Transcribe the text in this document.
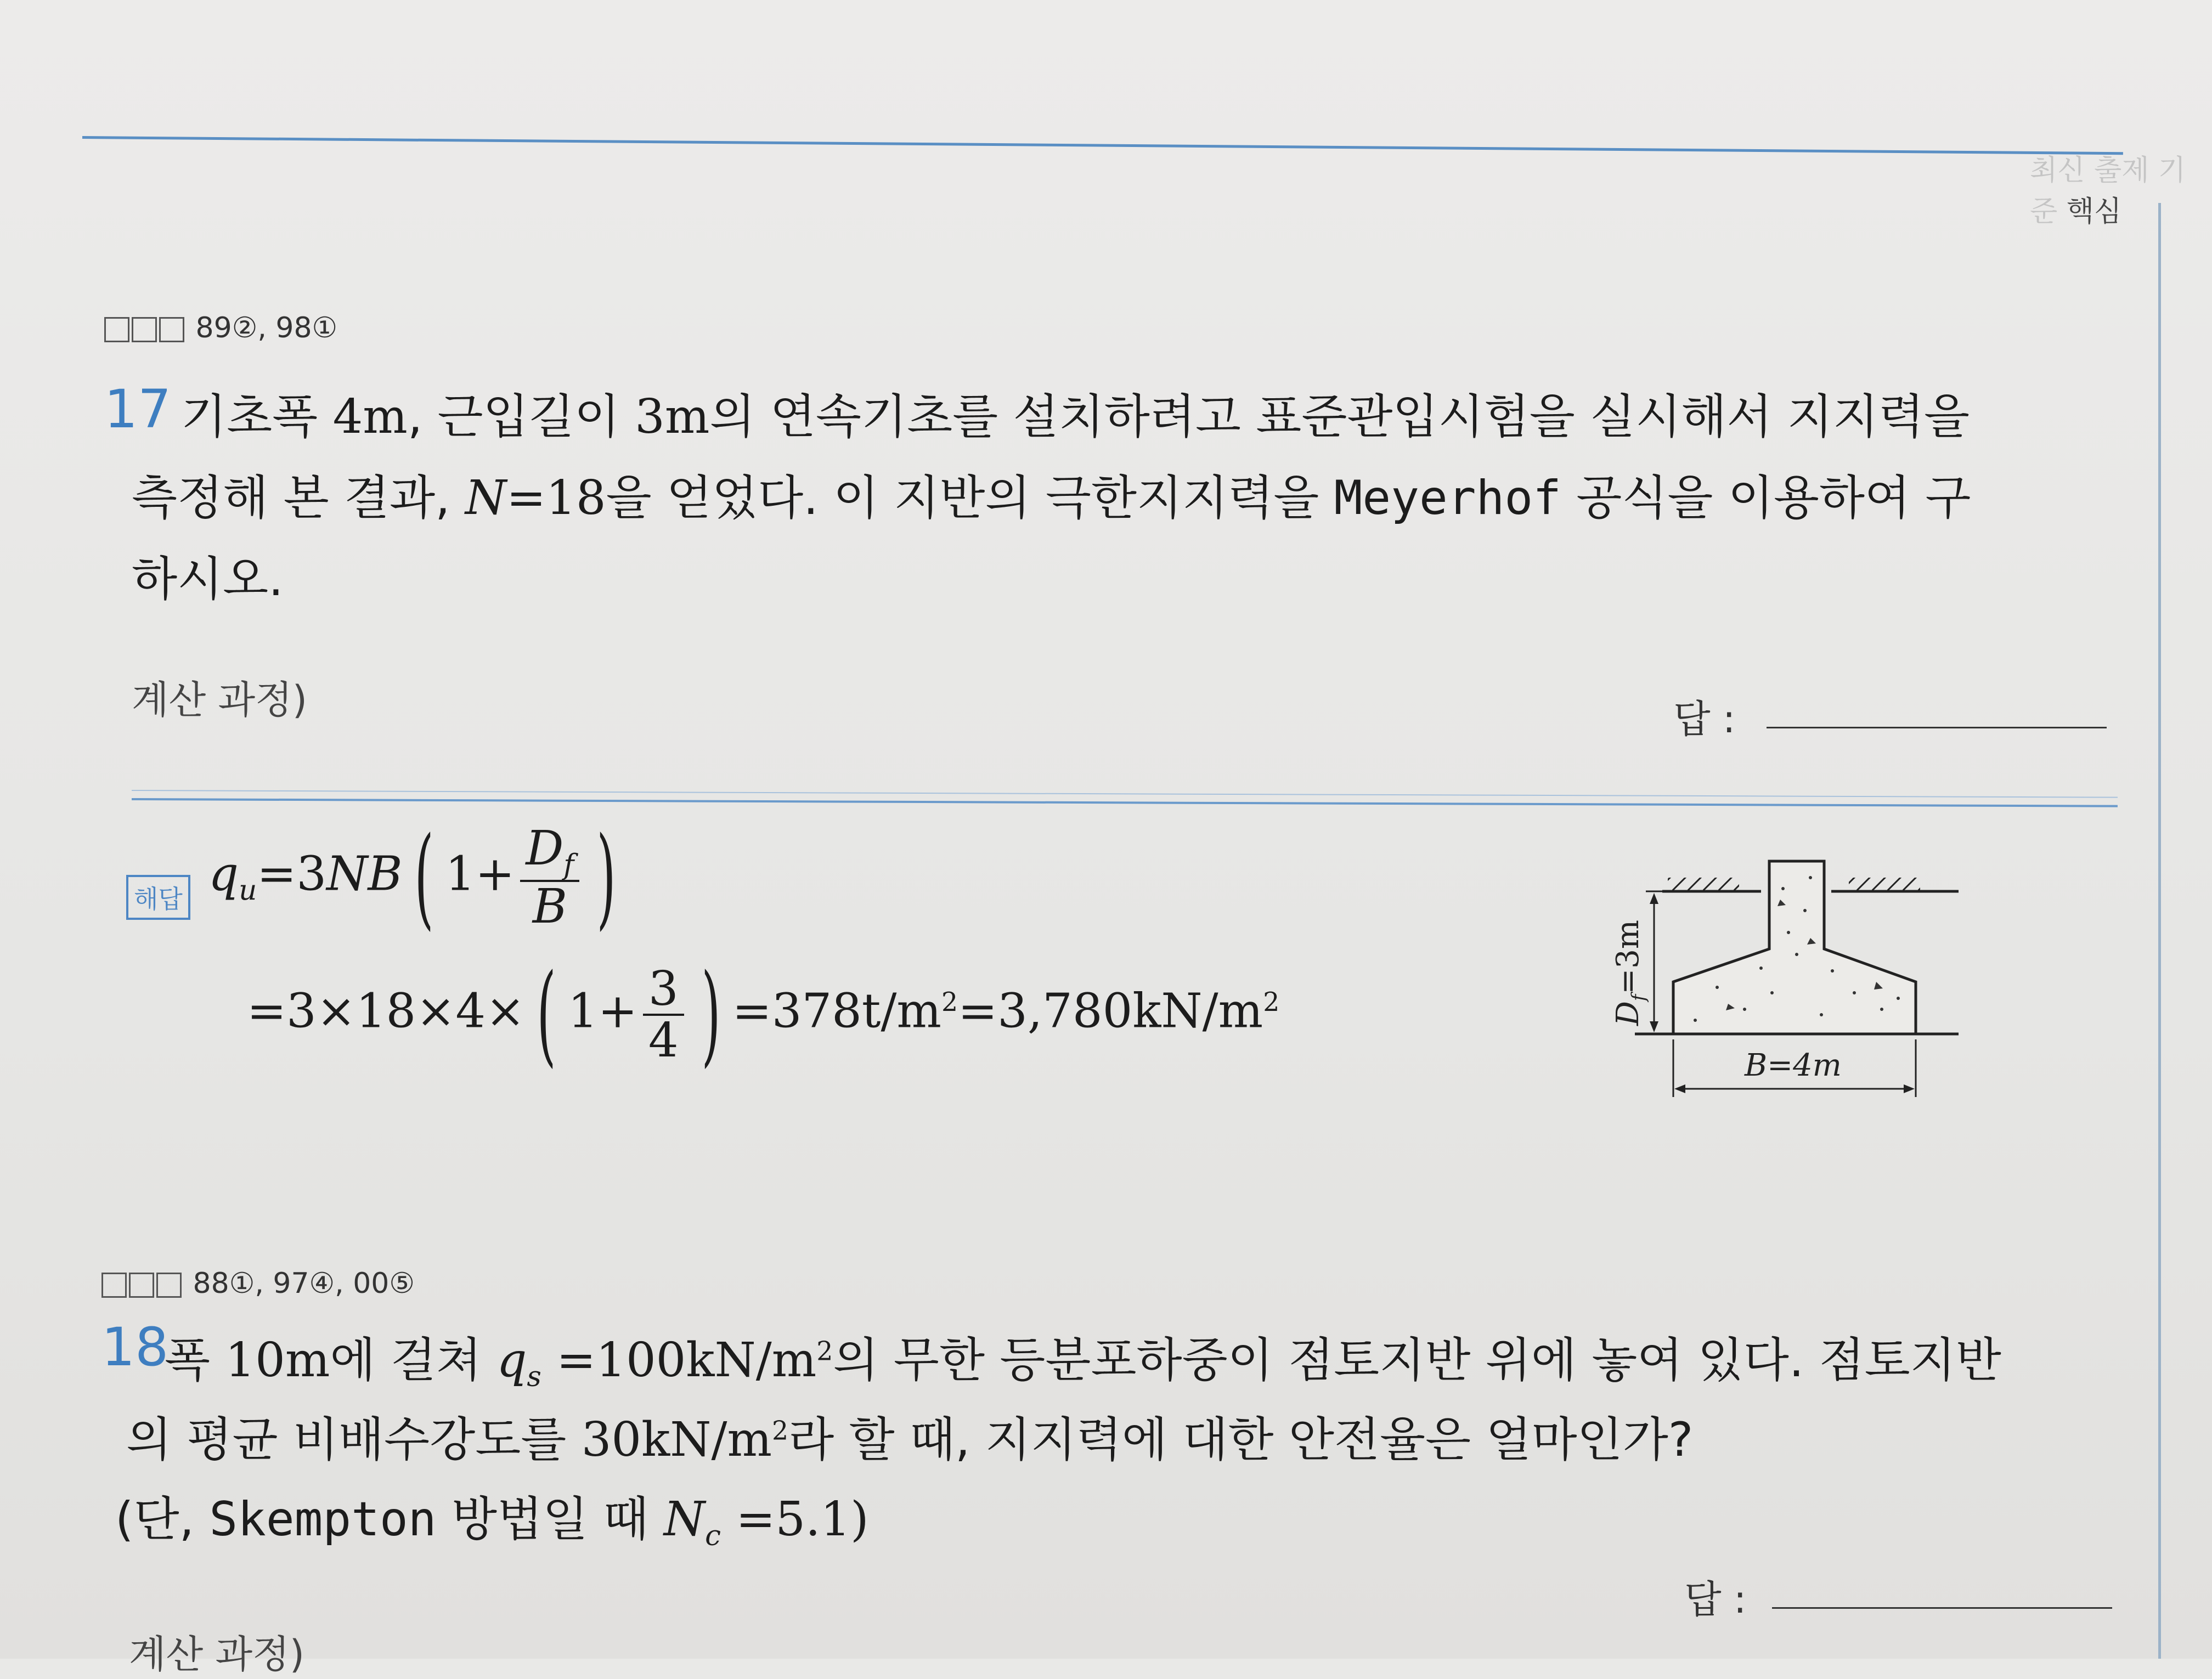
​
최신 출제 기준 핵심
89②, 98①
17 기초폭 4m, 근입길이 3m의 연속기초를 설치하려고 표준관입시험을 실시해서 지지력을
측정해 본 결과, N=18을 얻었다. 이 지반의 극한지지력을 Meyerhof 공식을 이용하여 구
하시오.
계산 과정)	답 :
해답 $q_u=3NB$ ( $1+ \frac{D_f}{B}$ )
=3×18×4× ( $1+ \frac{3}{4}$ ) $=378t/m^2=3,780kN/m^2$	$D_f=3m$
B=4m
88①, 97④, 00⑤
18
폭 10m에 걸쳐 $q_s =100kN/m^2$의 무한 등분포하중이 점토지반 위에 놓여 있다. 점토지반
의 평균 비배수강도를 $30kN/m^2$라 할 때, 지지력에 대한 안전율은 얼마인가?
(단, Skempton 방법일 때 $N_c =5.1$)
답 :
계산 과정)
